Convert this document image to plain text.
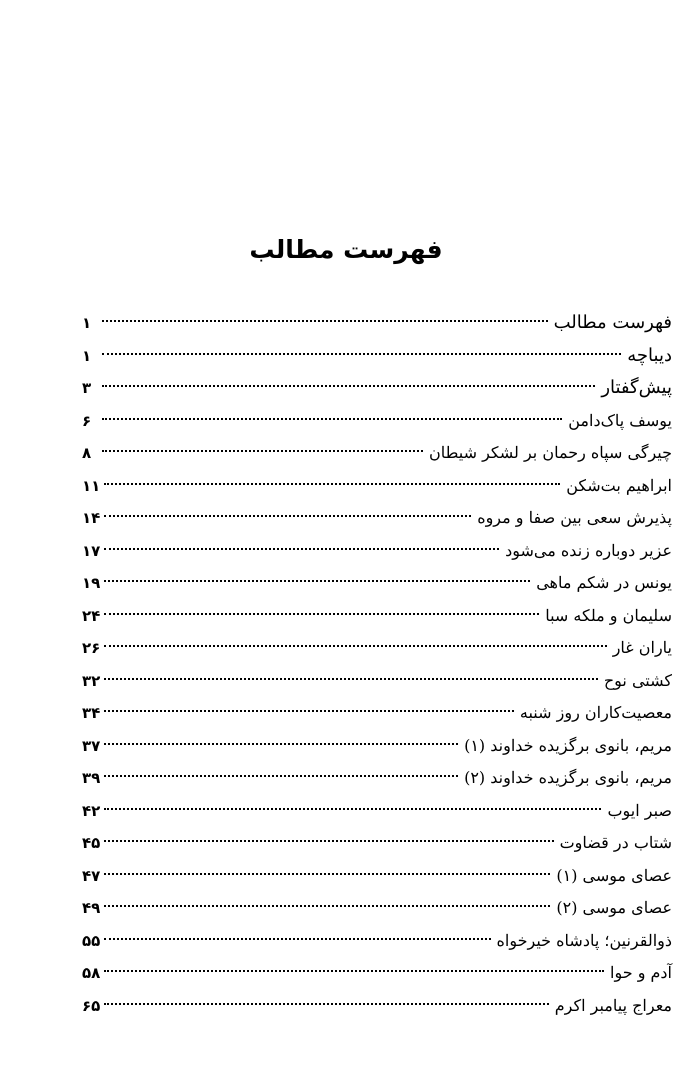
فهرست مطالب
فهرست مطالب
۱
دیباچه
۱
پیش‌گفتار
۳
یوسف پاک‌دامن
۶
چیرگی سپاه رحمان بر لشکر شیطان
۸
ابراهیم بت‌شکن
۱۱
پذیرش سعی بین صفا و مروه
۱۴
عزیر دوباره زنده می‌شود
۱۷
یونس در شکم ماهی
۱۹
سلیمان و ملکه سبا
۲۴
یاران غار
۲۶
کشتی نوح
۳۲
معصیت‌کاران روز شنبه
۳۴
مریم، بانوی برگزیده خداوند (۱)
۳۷
مریم، بانوی برگزیده خداوند (۲)
۳۹
صبر ایوب
۴۲
شتاب در قضاوت
۴۵
عصای موسی (۱)
۴۷
عصای موسی (۲)
۴۹
ذوالقرنین؛ پادشاه خیرخواه
۵۵
آدم و حوا
۵۸
معراج پیامبر اکرم
۶۵
